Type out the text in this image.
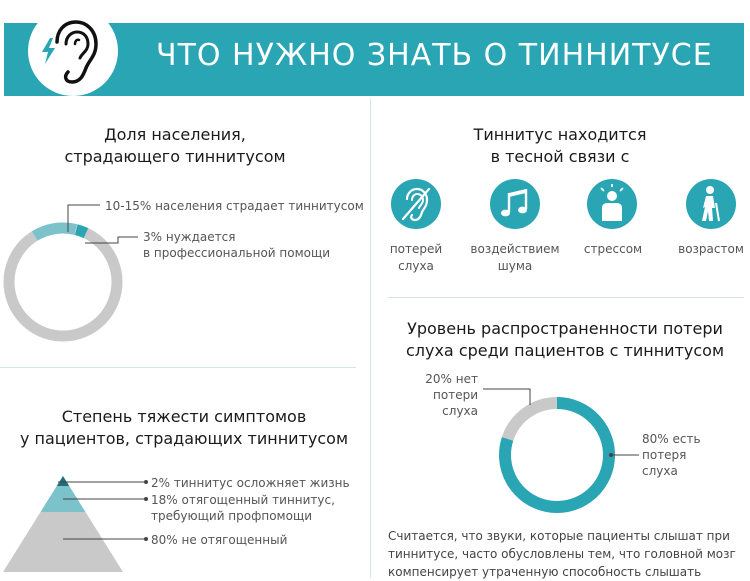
ЧТО НУЖНО ЗНАТЬ О ТИННИТУСЕ
Доля населения,
страдающего тиннитусом
10-15% населения страдает тиннитусом
3% нуждается
в профессиональной помощи
Тиннитус находится
в тесной связи с
потерей
слуха
воздействием
шума
стрессом	возрастом
Степень тяжести симптомов
у пациентов, страдающих тиннитусом
2% тиннитус осложняет жизнь
18% отягощенный тиннитус,
требующий профпомощи
80% не отягощенный
Уровень распространенности потери
слуха среди пациентов с тиннитусом
20% нет
потери слуха
80% есть
потеря
слуха
Считается, что звуки, которые пациенты слышат при
тиннитусе, часто обусловлены тем, что головной мозг
компенсирует утраченную способность слышать
